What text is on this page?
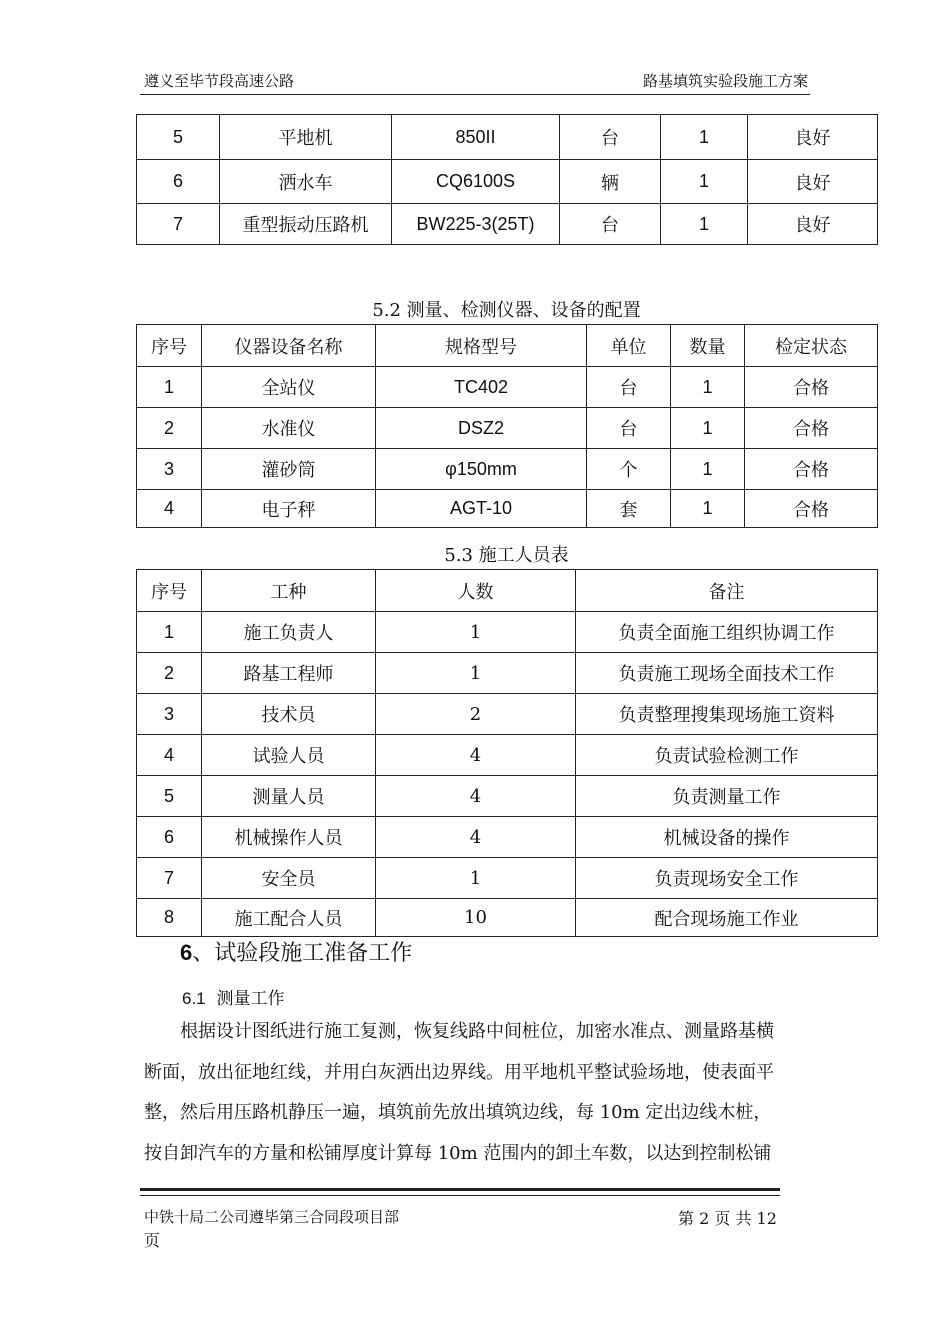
遵义至毕节段高速公路	路基填筑实验段施工方案
5	平地机	850II	台	1	良好
6	洒水车	CQ6100S	辆	1	良好
7	重型振动压路机	BW225-3(25T)	台	1	良好
5.2 测量、检测仪器、设备的配置
序号	仪器设备名称	规格型号	单位	数量	检定状态
1	全站仪	TC402	台	1	合格
2	水准仪	DSZ2	台	1	合格
3	灌砂筒	φ150mm	个	1	合格
4	电子秤	AGT-10	套	1	合格
5.3 施工人员表
序号	工种	人数	备注
1	施工负责人	1	负责全面施工组织协调工作
2	路基工程师	1	负责施工现场全面技术工作
3	技术员	2	负责整理搜集现场施工资料
4	试验人员	4	负责试验检测工作
5	测量人员	4	负责测量工作
6	机械操作人员	4	机械设备的操作
7	安全员	1	负责现场安全工作
8	施工配合人员	10	配合现场施工作业
6、试验段施工准备工作
6.1 测量工作
根据设计图纸进行施工复测，恢复线路中间桩位，加密水准点、测量路基横
断面，放出征地红线，并用白灰洒出边界线。用平地机平整试验场地，使表面平
整，然后用压路机静压一遍，填筑前先放出填筑边线，每 10m 定出边线木桩，
按自卸汽车的方量和松铺厚度计算每 10m 范围内的卸土车数，以达到控制松铺
中铁十局二公司遵毕第三合同段项目部	第 2 页 共 12
页
